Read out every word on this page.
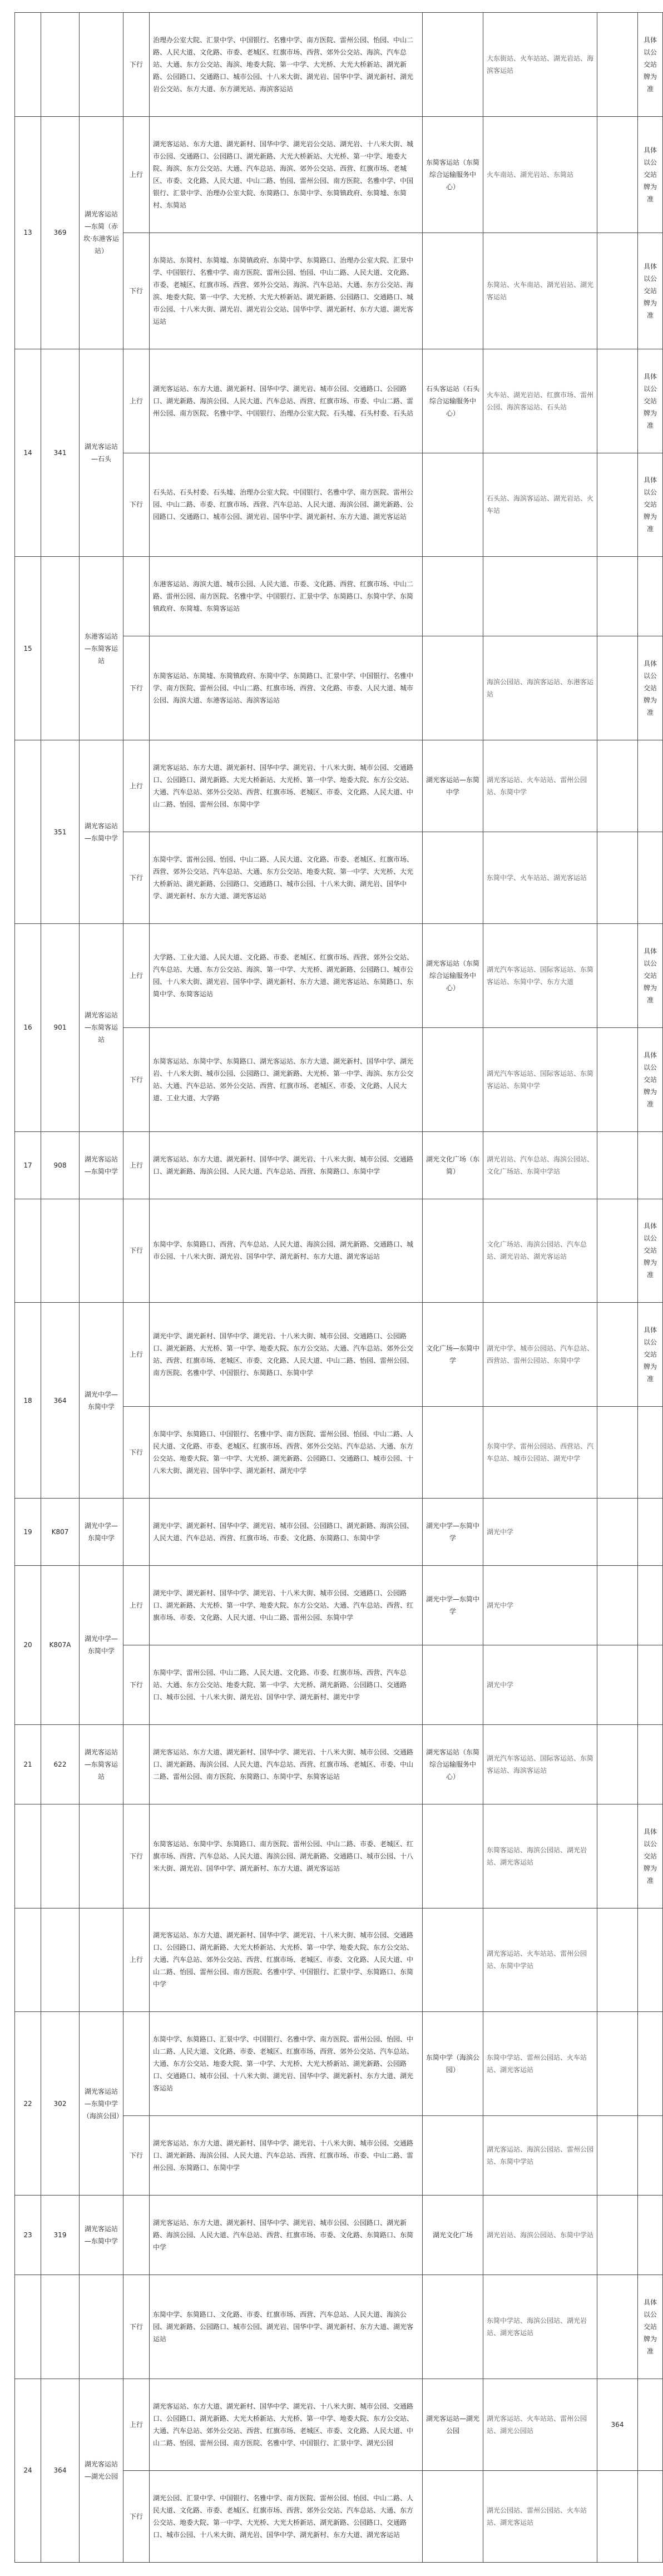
			下行	治理办公室大院、汇景中学、中国银行、名雅中学、南方医院、雷州公园、怡园、中山二路、人民大道、文化路、市委、老城区、红旗市场、西营、郊外公交站、海滨、汽车总站、大通、东方公交站、海滨、地委大院、第一中学、大光桥、大光大桥新站、湖光新路、公园路口、交通路口、城市公园、十八米大街、湖光岩、国华中学、湖光新村、湖光岩公交站、东方大道、东方湖光站、海滨客运站		大东街站、火车站站、湖光岩站、海滨客运站		具体以公交站牌为准
13	369	湖光客运站—东简（赤坎·东港客运站）	上行	湖光客运站、东方大道、湖光新村、国华中学、湖光岩公交站、湖光岩、十八米大街、城市公园、交通路口、公园路口、湖光新路、大光大桥新站、大光桥、第一中学、地委大院、海滨、东方公交站、大通、汽车总站、海滨、郊外公交站、西营、红旗市场、老城区、市委、文化路、人民大道、中山二路、怡园、雷州公园、南方医院、名雅中学、中国银行、汇景中学、治理办公室大院、东简路口、东简中学、东简镇政府、东简墟、东简村、东简站	东简客运站（东简综合运输服务中心）	火车南站、湖光岩站、东简站		具体以公交站牌为准
			下行	东简站、东简村、东简墟、东简镇政府、东简中学、东简路口、治理办公室大院、汇景中学、中国银行、名雅中学、南方医院、雷州公园、怡园、中山二路、人民大道、文化路、市委、老城区、红旗市场、西营、郊外公交站、海滨、汽车总站、大通、东方公交站、海滨、地委大院、第一中学、大光桥、大光大桥新站、湖光新路、公园路口、交通路口、城市公园、十八米大街、湖光岩、湖光岩公交站、国华中学、湖光新村、东方大道、湖光客运站		东简站、火车南站、湖光岩站、湖光客运站		具体以公交站牌为准
14	341	湖光客运站—石头	上行	湖光客运站、东方大道、湖光新村、国华中学、湖光岩、城市公园、交通路口、公园路口、湖光新路、海滨公园、人民大道、汽车总站、西营、红旗市场、市委、中山二路、雷州公园、南方医院、名雅中学、中国银行、治理办公室大院、石头墟、石头村委、石头站	石头客运站（石头综合运输服务中心）	火车站、湖光岩站、红旗市场、雷州公园、海滨客运站、石头站		具体以公交站牌为准
			下行	石头站、石头村委、石头墟、治理办公室大院、中国银行、名雅中学、南方医院、雷州公园、中山二路、市委、红旗市场、西营、汽车总站、人民大道、海滨公园、湖光新路、公园路口、交通路口、城市公园、湖光岩、国华中学、湖光新村、东方大道、湖光客运站		石头站、海滨客运站、湖光岩站、火车站		具体以公交站牌为准
15		东港客运站—东简客运站		东港客运站、海滨大道、城市公园、人民大道、市委、文化路、西营、红旗市场、中山二路、雷州公园、南方医院、名雅中学、中国银行、汇景中学、东简路口、东简中学、东简镇政府、东简墟、东简客运站				
			下行	东简客运站、东简墟、东简镇政府、东简中学、东简路口、汇景中学、中国银行、名雅中学、南方医院、雷州公园、中山二路、红旗市场、西营、文化路、市委、人民大道、城市公园、海滨大道、东港客运站、海滨客运站		海滨公园站、海滨客运站、东港客运站		具体以公交站牌为准
	351	湖光客运站—东简中学	上行	湖光客运站、东方大道、湖光新村、国华中学、湖光岩、十八米大街、城市公园、交通路口、公园路口、湖光新路、大光大桥新站、大光桥、第一中学、地委大院、东方公交站、大通、汽车总站、郊外公交站、西营、红旗市场、老城区、市委、文化路、人民大道、中山二路、怡园、雷州公园、东简中学	湖光客运站—东简中学	湖光客运站、火车站站、雷州公园站、东简中学		
			下行	东简中学、雷州公园、怡园、中山二路、人民大道、文化路、市委、老城区、红旗市场、西营、郊外公交站、汽车总站、大通、东方公交站、地委大院、第一中学、大光桥、大光大桥新站、湖光新路、公园路口、交通路口、城市公园、十八米大街、湖光岩、国华中学、湖光新村、东方大道、湖光客运站		东简中学、火车站站、湖光客运站		
16	901	湖光客运站—东简客运站	上行	大学路、工业大道、人民大道、文化路、市委、老城区、红旗市场、西营、郊外公交站、汽车总站、大通、东方公交站、海滨、第一中学、大光桥、湖光新路、公园路口、城市公园、十八米大街、湖光岩、国华中学、湖光新村、东方大道、湖光客运站、东简路口、东简中学、东简客运站	湖光客运站（东简综合运输服务中心）	湖光汽车客运站、国际客运站、东简客运站、东简中学、东方大道		具体以公交站牌为准
			下行	东简客运站、东简中学、东简路口、湖光客运站、东方大道、湖光新村、国华中学、湖光岩、十八米大街、城市公园、公园路口、湖光新路、大光桥、第一中学、海滨、东方公交站、大通、汽车总站、郊外公交站、西营、红旗市场、老城区、市委、文化路、人民大道、工业大道、大学路		湖光汽车客运站、国际客运站、东简客运站、东简中学		具体以公交站牌为准
17	908	湖光客运站—东简中学	上行	湖光客运站、东方大道、湖光新村、国华中学、湖光岩、十八米大街、城市公园、交通路口、湖光新路、海滨公园、人民大道、汽车总站、西营、东简路口、东简中学	湖光文化广场（东简）	湖光岩站、汽车总站、海滨公园站、文化广场站、东简中学站		
			下行	东简中学、东简路口、西营、汽车总站、人民大道、海滨公园、湖光新路、交通路口、城市公园、十八米大街、湖光岩、国华中学、湖光新村、东方大道、湖光客运站		文化广场站、海滨公园站、汽车总站、湖光岩站、湖光客运站		具体以公交站牌为准
18	364	湖光中学—东简中学	上行	湖光中学、湖光新村、国华中学、湖光岩、十八米大街、城市公园、交通路口、公园路口、湖光新路、大光桥、第一中学、地委大院、东方公交站、大通、汽车总站、郊外公交站、西营、红旗市场、老城区、市委、文化路、人民大道、中山二路、怡园、雷州公园、南方医院、名雅中学、中国银行、东简路口、东简中学	文化广场—东简中学	湖光中学、城市公园站、汽车总站、西营站、雷州公园站、东简中学		具体以公交站牌为准
			下行	东简中学、东简路口、中国银行、名雅中学、南方医院、雷州公园、怡园、中山二路、人民大道、文化路、市委、老城区、红旗市场、西营、郊外公交站、汽车总站、大通、东方公交站、地委大院、第一中学、大光桥、湖光新路、公园路口、交通路口、城市公园、十八米大街、湖光岩、国华中学、湖光新村、湖光中学		东简中学、雷州公园站、西营站、汽车总站、城市公园站、湖光中学		
19	K807	湖光中学—东简中学		湖光中学、湖光新村、国华中学、湖光岩、城市公园、公园路口、湖光新路、海滨公园、人民大道、汽车总站、西营、红旗市场、市委、文化路、东简路口、东简中学	湖光中学—东简中学	湖光中学		
20	K807A	湖光中学—东简中学	上行	湖光中学、湖光新村、国华中学、湖光岩、十八米大街、城市公园、交通路口、公园路口、湖光新路、大光桥、第一中学、地委大院、东方公交站、大通、汽车总站、西营、红旗市场、市委、文化路、人民大道、中山二路、雷州公园、东简中学	湖光中学—东简中学	湖光中学		
			下行	东简中学、雷州公园、中山二路、人民大道、文化路、市委、红旗市场、西营、汽车总站、大通、东方公交站、地委大院、第一中学、大光桥、湖光新路、公园路口、交通路口、城市公园、十八米大街、湖光岩、国华中学、湖光新村、湖光中学		湖光中学		
21	622	湖光客运站—东简客运站		湖光客运站、东方大道、湖光新村、国华中学、湖光岩、十八米大街、城市公园、交通路口、湖光新路、海滨公园、人民大道、汽车总站、西营、红旗市场、老城区、市委、中山二路、雷州公园、南方医院、东简路口、东简中学、东简客运站	湖光客运站（东简综合运输服务中心）	湖光汽车客运站、国际客运站、东简客运站、海滨客运站		
			下行	东简客运站、东简中学、东简路口、南方医院、雷州公园、中山二路、市委、老城区、红旗市场、西营、汽车总站、人民大道、海滨公园、湖光新路、交通路口、城市公园、十八米大街、湖光岩、国华中学、湖光新村、东方大道、湖光客运站		东简客运站、海滨公园站、湖光岩站、湖光客运站		具体以公交站牌为准
			上行	湖光客运站、东方大道、湖光新村、国华中学、湖光岩、十八米大街、城市公园、交通路口、公园路口、湖光新路、大光大桥新站、大光桥、第一中学、地委大院、东方公交站、大通、汽车总站、郊外公交站、西营、红旗市场、老城区、市委、文化路、人民大道、中山二路、怡园、雷州公园、南方医院、名雅中学、中国银行、汇景中学、东简路口、东简中学		湖光客运站、火车站站、雷州公园站、东简中学站		
22	302	湖光客运站—东简中学（海滨公园）		东简中学、东简路口、汇景中学、中国银行、名雅中学、南方医院、雷州公园、怡园、中山二路、人民大道、文化路、市委、老城区、红旗市场、西营、郊外公交站、汽车总站、大通、东方公交站、地委大院、第一中学、大光桥、大光大桥新站、湖光新路、公园路口、交通路口、城市公园、十八米大街、湖光岩、国华中学、湖光新村、东方大道、湖光客运站	东简中学（海滨公园）	东简中学站、雷州公园站、火车站站、湖光客运站		
			下行	湖光客运站、东方大道、湖光新村、国华中学、湖光岩、十八米大街、城市公园、交通路口、湖光新路、海滨公园、人民大道、汽车总站、西营、红旗市场、市委、中山二路、雷州公园、东简路口、东简中学		湖光客运站、海滨公园站、雷州公园站、东简中学站		
23	319	湖光客运站—东简中学		湖光客运站、东方大道、湖光新村、国华中学、湖光岩、城市公园、公园路口、湖光新路、海滨公园、人民大道、汽车总站、西营、红旗市场、市委、文化路、东简路口、东简中学	湖光文化广场	湖光岩站、海滨公园站、东简中学站		
			下行	东简中学、东简路口、文化路、市委、红旗市场、西营、汽车总站、人民大道、海滨公园、湖光新路、公园路口、城市公园、湖光岩、国华中学、湖光新村、东方大道、湖光客运站		东简中学站、海滨公园站、湖光岩站、湖光客运站		具体以公交站牌为准
24	364	湖光客运站—湖光公园	上行	湖光客运站、东方大道、湖光新村、国华中学、湖光岩、十八米大街、城市公园、交通路口、公园路口、湖光新路、大光大桥新站、大光桥、第一中学、地委大院、东方公交站、大通、汽车总站、郊外公交站、西营、红旗市场、老城区、市委、文化路、人民大道、中山二路、怡园、雷州公园、南方医院、名雅中学、中国银行、汇景中学、湖光公园	湖光客运站—湖光公园	湖光客运站、火车站站、雷州公园站、湖光公园站	364	
			下行	湖光公园、汇景中学、中国银行、名雅中学、南方医院、雷州公园、怡园、中山二路、人民大道、文化路、市委、老城区、红旗市场、西营、郊外公交站、汽车总站、大通、东方公交站、地委大院、第一中学、大光桥、大光大桥新站、湖光新路、公园路口、交通路口、城市公园、十八米大街、湖光岩、国华中学、湖光新村、东方大道、湖光客运站		湖光公园站、雷州公园站、火车站站、湖光客运站		
